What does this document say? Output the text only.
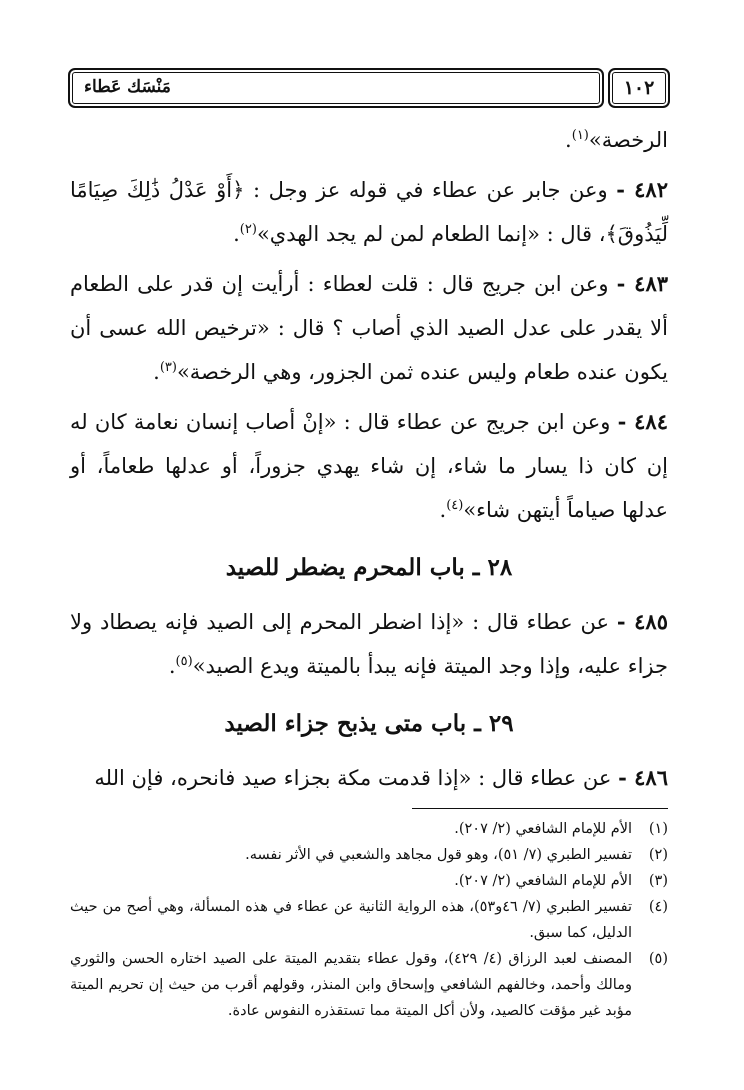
١٠٢
مَنْسَك عَطاء

الرخصة»$^{(١)}$.

٤٨٢ - وعن جابر عن عطاء في قوله عز وجل : ﴿أَوْ عَدْلُ ذَٰلِكَ صِيَامًا لِّيَذُوقَ﴾، قال : «إنما الطعام لمن لم يجد الهدي»$^{(٢)}$.

٤٨٣ - وعن ابن جريج قال : قلت لعطاء : أرأيت إن قدر على الطعام ألا يقدر على عدل الصيد الذي أصاب ؟ قال : «ترخيص الله عسى أن يكون عنده طعام وليس عنده ثمن الجزور، وهي الرخصة»$^{(٣)}$.

٤٨٤ - وعن ابن جريج عن عطاء قال : «إنْ أصاب إنسان نعامة كان له إن كان ذا يسار ما شاء، إن شاء يهدي جزوراً، أو عدلها طعاماً، أو عدلها صياماً أيتهن شاء»$^{(٤)}$.

٢٨ ـ باب المحرم يضطر للصيد

٤٨٥ - عن عطاء قال : «إذا اضطر المحرم إلى الصيد فإنه يصطاد ولا جزاء عليه، وإذا وجد الميتة فإنه يبدأ بالميتة ويدع الصيد»$^{(٥)}$.

٢٩ ـ باب متى يذبح جزاء الصيد

٤٨٦ - عن عطاء قال : «إذا قدمت مكة بجزاء صيد فانحره، فإن الله

(١)
الأم للإمام الشافعي (٢/ ٢٠٧).

(٢)
تفسير الطبري (٧/ ٥١)، وهو قول مجاهد والشعبي في الأثر نفسه.

(٣)
الأم للإمام الشافعي (٢/ ٢٠٧).

(٤)
تفسير الطبري (٧/ ٤٦و٥٣)، هذه الرواية الثانية عن عطاء في هذه المسألة، وهي أصح من حيث الدليل، كما سبق.

(٥)
المصنف لعبد الرزاق (٤/ ٤٢٩)، وقول عطاء بتقديم الميتة على الصيد اختاره الحسن والثوري ومالك وأحمد، وخالفهم الشافعي وإسحاق وابن المنذر، وقولهم أقرب من حيث إن تحريم الميتة مؤبد غير مؤقت كالصيد، ولأن أكل الميتة مما تستقذره النفوس عادة.
